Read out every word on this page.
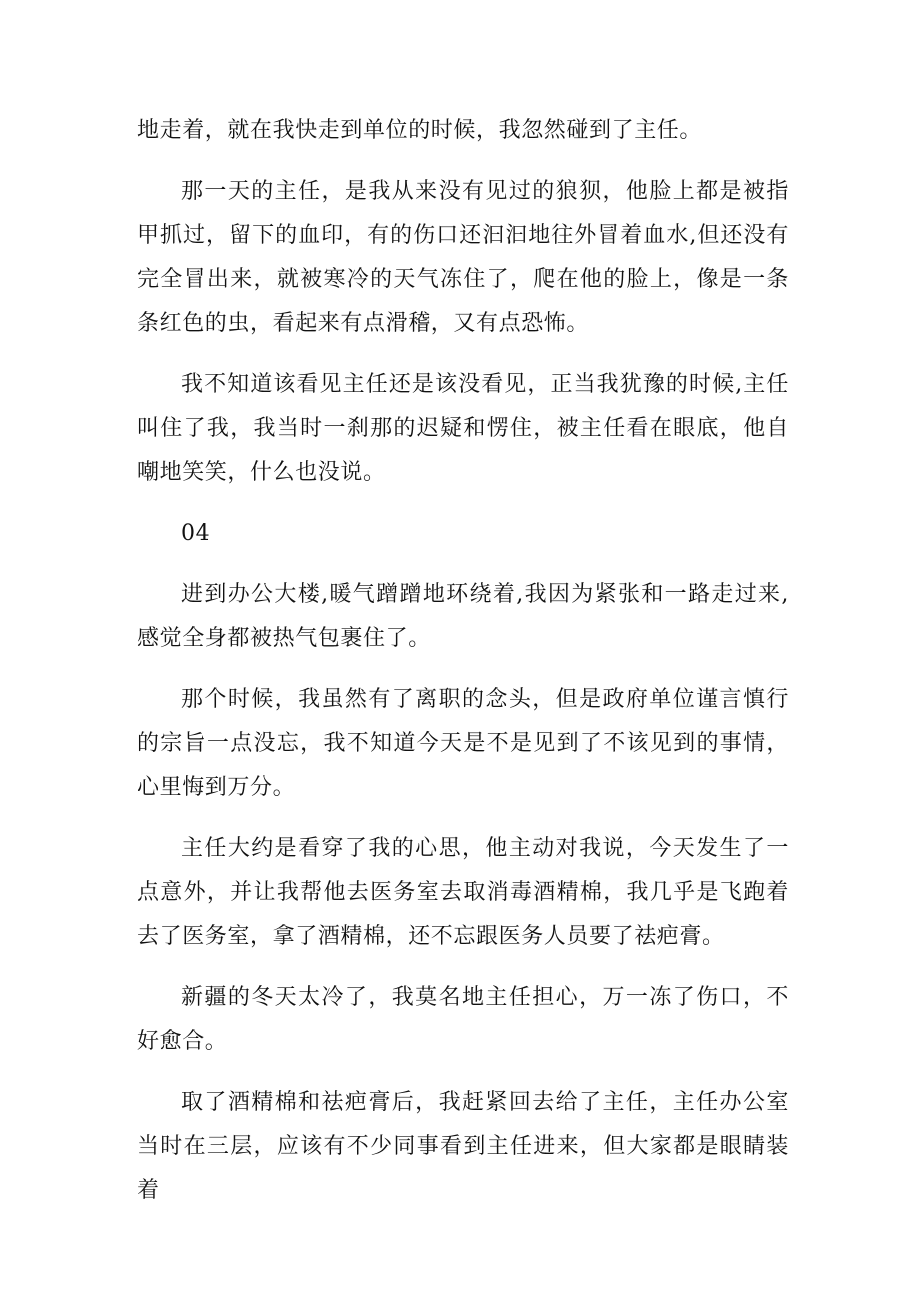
地走着，就在我快走到单位的时候，我忽然碰到了主任。

那一天的主任，是我从来没有见过的狼狈，他脸上都是被指甲抓过，留下的血印，有的伤口还汩汩地往外冒着血水,但还没有完全冒出来，就被寒冷的天气冻住了，爬在他的脸上，像是一条条红色的虫，看起来有点滑稽，又有点恐怖。

我不知道该看见主任还是该没看见，正当我犹豫的时候,主任叫住了我，我当时一刹那的迟疑和愣住，被主任看在眼底，他自嘲地笑笑，什么也没说。

04

进到办公大楼,暖气蹭蹭地环绕着,我因为紧张和一路走过来,感觉全身都被热气包裹住了。

那个时候，我虽然有了离职的念头，但是政府单位谨言慎行的宗旨一点没忘，我不知道今天是不是见到了不该见到的事情，心里悔到万分。

主任大约是看穿了我的心思，他主动对我说，今天发生了一点意外，并让我帮他去医务室去取消毒酒精棉，我几乎是飞跑着去了医务室，拿了酒精棉，还不忘跟医务人员要了祛疤膏。

新疆的冬天太冷了，我莫名地主任担心，万一冻了伤口，不好愈合。

取了酒精棉和祛疤膏后，我赶紧回去给了主任，主任办公室当时在三层，应该有不少同事看到主任进来，但大家都是眼睛装着
